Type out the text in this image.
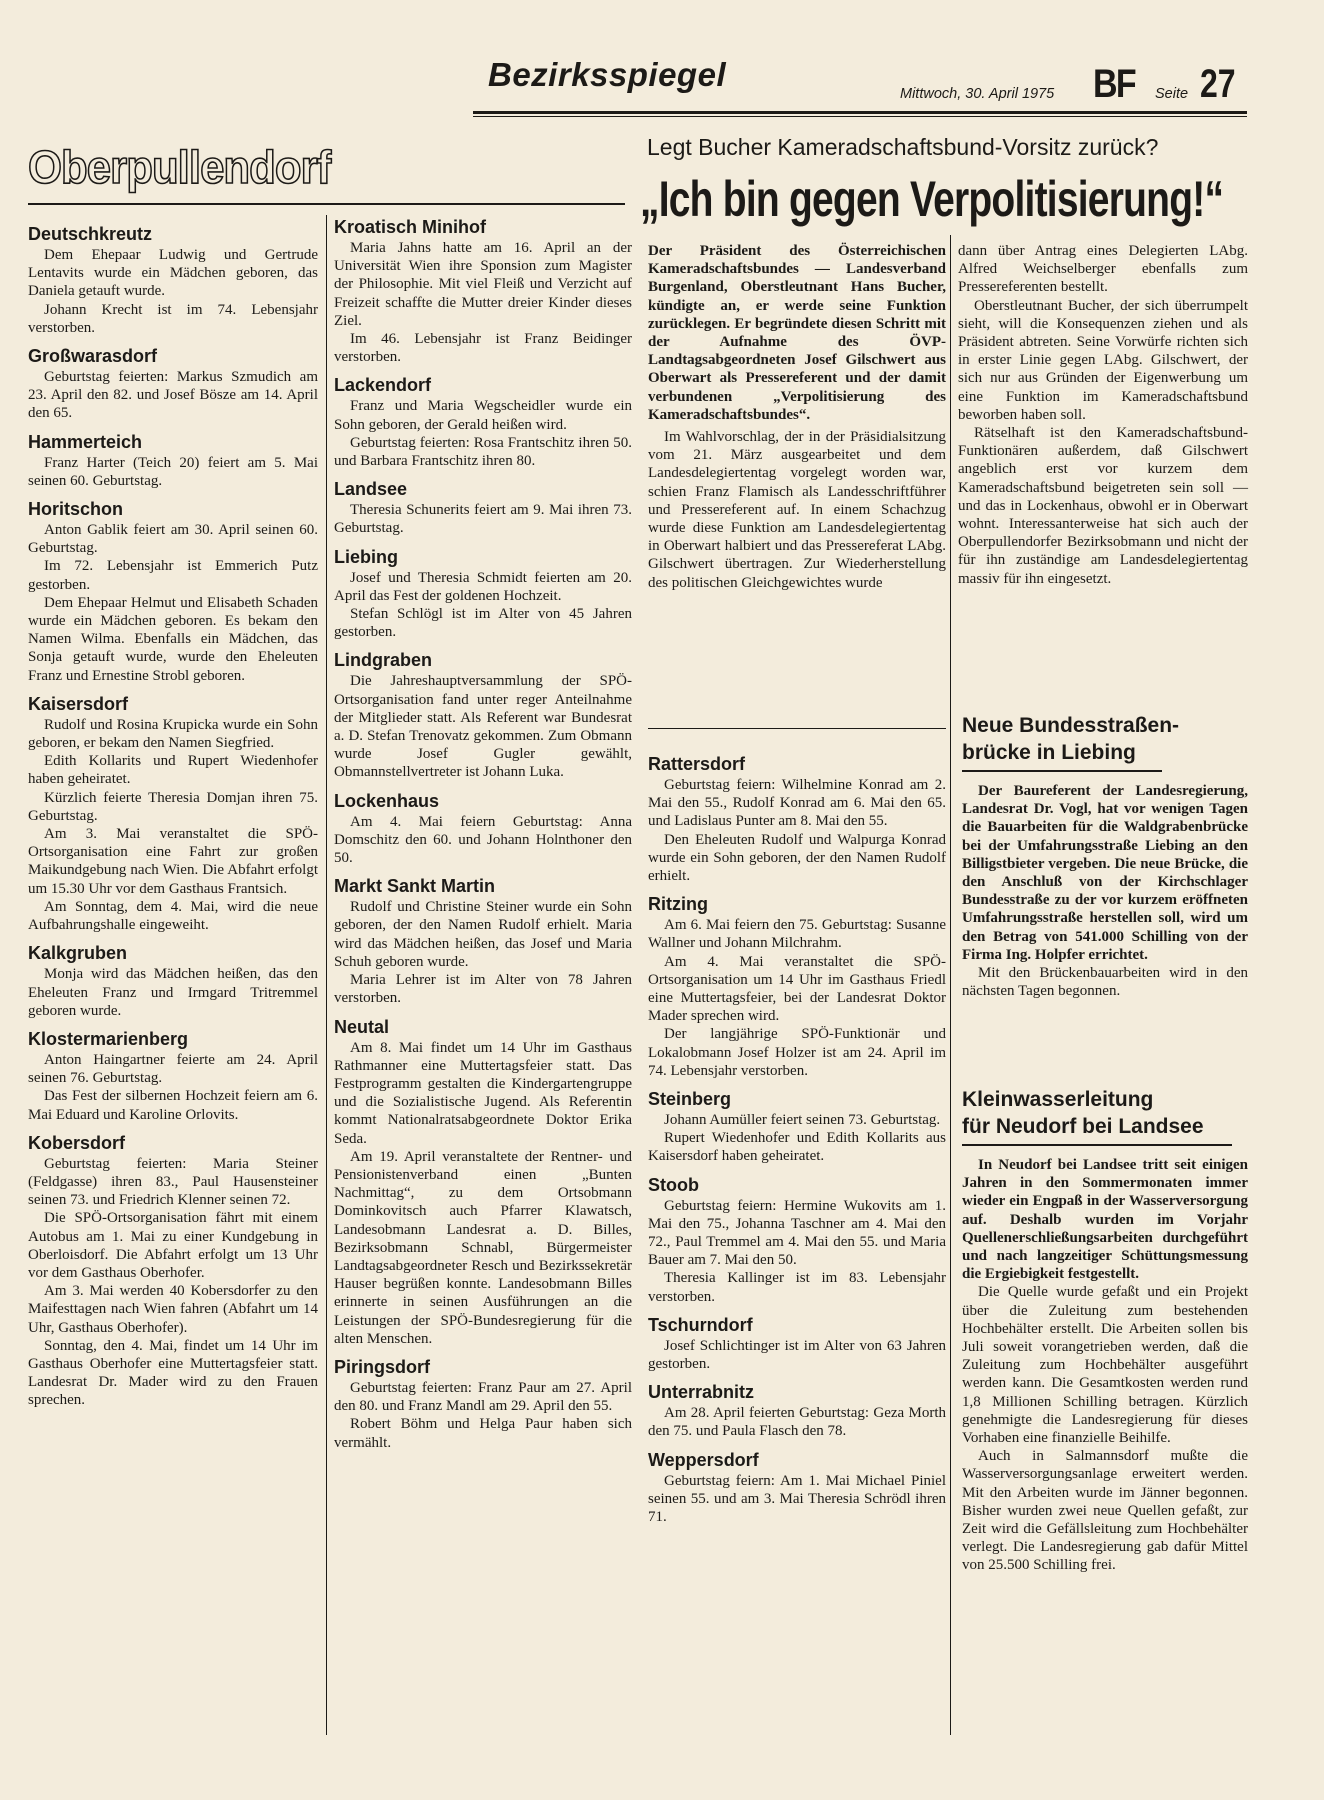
Bezirksspiegel
Mittwoch, 30. April 1975 BF Seite 27
Oberpullendorf	Legt Bucher Kameradschaftsbund-Vorsitz zurück?
„Ich bin gegen Verpolitisierung!“
Deutschkreutz

Dem Ehepaar Ludwig und Gertrude Lentavits wurde ein Mädchen geboren, das Daniela getauft wurde.

Johann Krecht ist im 74. Lebensjahr verstorben.

Großwarasdorf

Geburtstag feierten: Markus Szmudich am 23. April den 82. und Josef Bösze am 14. April den 65.

Hammerteich

Franz Harter (Teich 20) feiert am 5. Mai seinen 60. Geburtstag.

Horitschon

Anton Gablik feiert am 30. April seinen 60. Geburtstag.

Im 72. Lebensjahr ist Emmerich Putz gestorben.

Dem Ehepaar Helmut und Elisabeth Schaden wurde ein Mädchen geboren. Es bekam den Namen Wilma. Ebenfalls ein Mädchen, das Sonja getauft wurde, wurde den Eheleuten Franz und Ernestine Strobl geboren.

Kaisersdorf

Rudolf und Rosina Krupicka wurde ein Sohn geboren, er bekam den Namen Siegfried.

Edith Kollarits und Rupert Wiedenhofer haben geheiratet.

Kürzlich feierte Theresia Domjan ihren 75. Geburtstag.

Am 3. Mai veranstaltet die SPÖ-Ortsorganisation eine Fahrt zur großen Maikundgebung nach Wien. Die Abfahrt erfolgt um 15.30 Uhr vor dem Gasthaus Frantsich.

Am Sonntag, dem 4. Mai, wird die neue Aufbahrungshalle eingeweiht.

Kalkgruben

Monja wird das Mädchen heißen, das den Eheleuten Franz und Irmgard Tritremmel geboren wurde.

Klostermarienberg

Anton Haingartner feierte am 24. April seinen 76. Geburtstag.

Das Fest der silbernen Hochzeit feiern am 6. Mai Eduard und Karoline Orlovits.

Kobersdorf

Geburtstag feierten: Maria Steiner (Feldgasse) ihren 83., Paul Hausensteiner seinen 73. und Friedrich Klenner seinen 72.

Die SPÖ-Ortsorganisation fährt mit einem Autobus am 1. Mai zu einer Kundgebung in Oberloisdorf. Die Abfahrt erfolgt um 13 Uhr vor dem Gasthaus Oberhofer.

Am 3. Mai werden 40 Kobersdorfer zu den Maifesttagen nach Wien fahren (Abfahrt um 14 Uhr, Gasthaus Oberhofer).

Sonntag, den 4. Mai, findet um 14 Uhr im Gasthaus Oberhofer eine Muttertagsfeier statt. Landesrat Dr. Mader wird zu den Frauen sprechen.

Kroatisch Minihof

Maria Jahns hatte am 16. April an der Universität Wien ihre Sponsion zum Magister der Philosophie. Mit viel Fleiß und Verzicht auf Freizeit schaffte die Mutter dreier Kinder dieses Ziel.

Im 46. Lebensjahr ist Franz Beidinger verstorben.

Lackendorf

Franz und Maria Wegscheidler wurde ein Sohn geboren, der Gerald heißen wird.

Geburtstag feierten: Rosa Frantschitz ihren 50. und Barbara Frantschitz ihren 80.

Landsee

Theresia Schunerits feiert am 9. Mai ihren 73. Geburtstag.

Liebing

Josef und Theresia Schmidt feierten am 20. April das Fest der goldenen Hochzeit.

Stefan Schlögl ist im Alter von 45 Jahren gestorben.

Lindgraben

Die Jahreshauptversammlung der SPÖ-Ortsorganisation fand unter reger Anteilnahme der Mitglieder statt. Als Referent war Bundesrat a. D. Stefan Trenovatz gekommen. Zum Obmann wurde Josef Gugler gewählt, Obmannstellvertreter ist Johann Luka.

Lockenhaus

Am 4. Mai feiern Geburtstag: Anna Domschitz den 60. und Johann Holnthoner den 50.

Markt Sankt Martin

Rudolf und Christine Steiner wurde ein Sohn geboren, der den Namen Rudolf erhielt. Maria wird das Mädchen heißen, das Josef und Maria Schuh geboren wurde.

Maria Lehrer ist im Alter von 78 Jahren verstorben.

Neutal

Am 8. Mai findet um 14 Uhr im Gasthaus Rathmanner eine Muttertagsfeier statt. Das Festprogramm gestalten die Kindergartengruppe und die Sozialistische Jugend. Als Referentin kommt Nationalratsabgeordnete Doktor Erika Seda.

Am 19. April veranstaltete der Rentner- und Pensionistenverband einen „Bunten Nachmittag“, zu dem Ortsobmann Dominkovitsch auch Pfarrer Klawatsch, Landesobmann Landesrat a. D. Billes, Bezirksobmann Schnabl, Bürgermeister Landtagsabgeordneter Resch und Bezirkssekretär Hauser begrüßen konnte. Landesobmann Billes erinnerte in seinen Ausführungen an die Leistungen der SPÖ-Bundesregierung für die alten Menschen.

Piringsdorf

Geburtstag feierten: Franz Paur am 27. April den 80. und Franz Mandl am 29. April den 55.

Robert Böhm und Helga Paur haben sich vermählt.

Der Präsident des Österreichischen Kameradschaftsbundes — Landesverband Burgenland, Oberstleutnant Hans Bucher, kündigte an, er werde seine Funktion zurücklegen. Er begründete diesen Schritt mit der Aufnahme des ÖVP-Landtagsabgeordneten Josef Gilschwert aus Oberwart als Pressereferent und der damit verbundenen „Verpolitisierung des Kameradschaftsbundes“.

Im Wahlvorschlag, der in der Präsidialsitzung vom 21. März ausgearbeitet und dem Landesdelegiertentag vorgelegt worden war, schien Franz Flamisch als Landesschriftführer und Pressereferent auf. In einem Schachzug wurde diese Funktion am Landesdelegiertentag in Oberwart halbiert und das Pressereferat LAbg. Gilschwert übertragen. Zur Wiederherstellung des politischen Gleichgewichtes wurde

dann über Antrag eines Delegierten LAbg. Alfred Weichselberger ebenfalls zum Pressereferenten bestellt.

Oberstleutnant Bucher, der sich überrumpelt sieht, will die Konsequenzen ziehen und als Präsident abtreten. Seine Vorwürfe richten sich in erster Linie gegen LAbg. Gilschwert, der sich nur aus Gründen der Eigenwerbung um eine Funktion im Kameradschaftsbund beworben haben soll.

Rätselhaft ist den Kameradschaftsbund-Funktionären außerdem, daß Gilschwert angeblich erst vor kurzem dem Kameradschaftsbund beigetreten sein soll — und das in Lockenhaus, obwohl er in Oberwart wohnt. Interessanterweise hat sich auch der Oberpullendorfer Bezirksobmann und nicht der für ihn zuständige am Landesdelegiertentag massiv für ihn eingesetzt.

Rattersdorf

Geburtstag feiern: Wilhelmine Konrad am 2. Mai den 55., Rudolf Konrad am 6. Mai den 65. und Ladislaus Punter am 8. Mai den 55.

Den Eheleuten Rudolf und Walpurga Konrad wurde ein Sohn geboren, der den Namen Rudolf erhielt.

Ritzing

Am 6. Mai feiern den 75. Geburtstag: Susanne Wallner und Johann Milchrahm.

Am 4. Mai veranstaltet die SPÖ-Ortsorganisation um 14 Uhr im Gasthaus Friedl eine Muttertagsfeier, bei der Landesrat Doktor Mader sprechen wird.

Der langjährige SPÖ-Funktionär und Lokalobmann Josef Holzer ist am 24. April im 74. Lebensjahr verstorben.

Steinberg

Johann Aumüller feiert seinen 73. Geburtstag.

Rupert Wiedenhofer und Edith Kollarits aus Kaisersdorf haben geheiratet.

Stoob

Geburtstag feiern: Hermine Wukovits am 1. Mai den 75., Johanna Taschner am 4. Mai den 72., Paul Tremmel am 4. Mai den 55. und Maria Bauer am 7. Mai den 50.

Theresia Kallinger ist im 83. Lebensjahr verstorben.

Tschurndorf

Josef Schlichtinger ist im Alter von 63 Jahren gestorben.

Unterrabnitz

Am 28. April feierten Geburtstag: Geza Morth den 75. und Paula Flasch den 78.

Weppersdorf

Geburtstag feiern: Am 1. Mai Michael Piniel seinen 55. und am 3. Mai Theresia Schrödl ihren 71.

Neue Bundesstraßen-
brücke in Liebing

Der Baureferent der Landesregierung, Landesrat Dr. Vogl, hat vor wenigen Tagen die Bauarbeiten für die Waldgrabenbrücke bei der Umfahrungsstraße Liebing an den Billigstbieter vergeben. Die neue Brücke, die den Anschluß von der Kirchschlager Bundesstraße zu der vor kurzem eröffneten Umfahrungsstraße herstellen soll, wird um den Betrag von 541.000 Schilling von der Firma Ing. Holpfer errichtet.

Mit den Brückenbauarbeiten wird in den nächsten Tagen begonnen.

Kleinwasserleitung
für Neudorf bei Landsee

In Neudorf bei Landsee tritt seit einigen Jahren in den Sommermonaten immer wieder ein Engpaß in der Wasserversorgung auf. Deshalb wurden im Vorjahr Quellenerschließungsarbeiten durchgeführt und nach langzeitiger Schüttungsmessung die Ergiebigkeit festgestellt.

Die Quelle wurde gefaßt und ein Projekt über die Zuleitung zum bestehenden Hochbehälter erstellt. Die Arbeiten sollen bis Juli soweit vorangetrieben werden, daß die Zuleitung zum Hochbehälter ausgeführt werden kann. Die Gesamtkosten werden rund 1,8 Millionen Schilling betragen. Kürzlich genehmigte die Landesregierung für dieses Vorhaben eine finanzielle Beihilfe.

Auch in Salmannsdorf mußte die Wasserversorgungsanlage erweitert werden. Mit den Arbeiten wurde im Jänner begonnen. Bisher wurden zwei neue Quellen gefaßt, zur Zeit wird die Gefällsleitung zum Hochbehälter verlegt. Die Landesregierung gab dafür Mittel von 25.500 Schilling frei.
